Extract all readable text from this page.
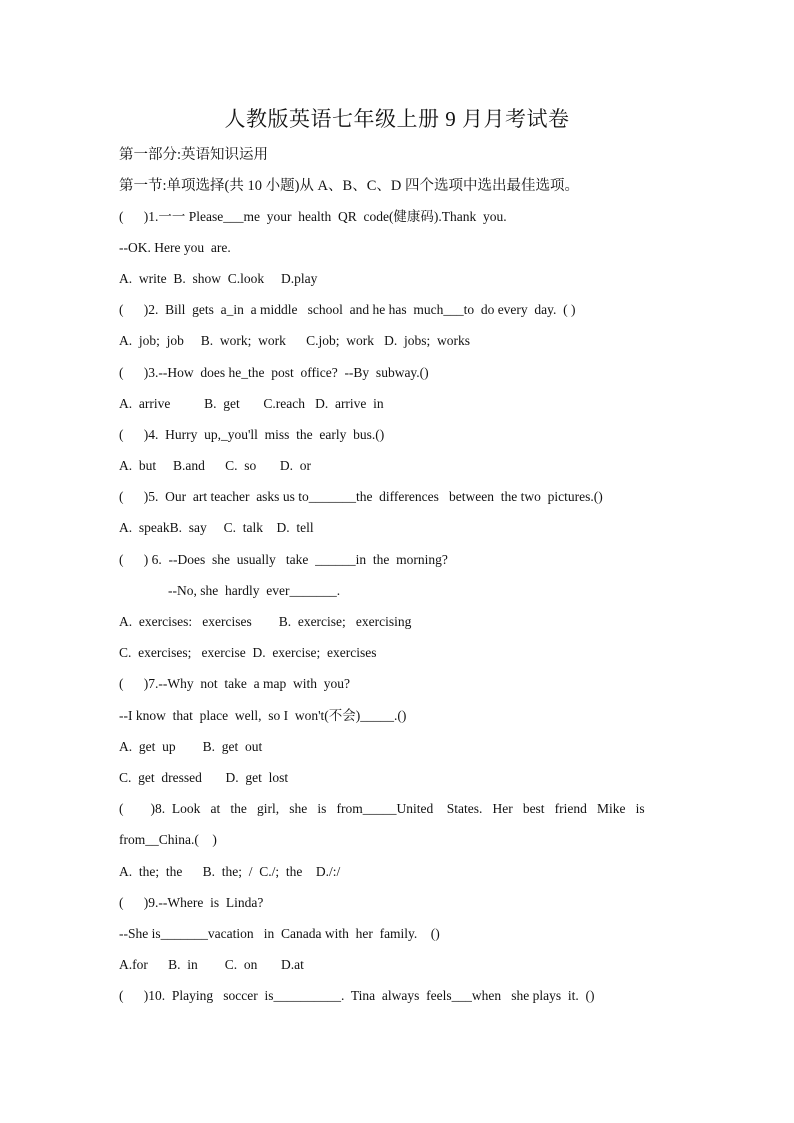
人教版英语七年级上册 9 月月考试卷
第一部分:英语知识运用
第一节:单项选择(共 10 小题)从 A、B、C、D 四个选项中选出最佳选项。
(      )1.一一 Please___me  your  health  QR  code(健康码).Thank  you.
--OK. Here you  are.
A.  write  B.  show  C.look     D.play
(      )2.  Bill  gets  a_in  a middle   school  and he has  much___to  do every  day.  ( )
A.  job;  job     B.  work;  work      C.job;  work   D.  jobs;  works
(      )3.--How  does he_the  post  office?  --By  subway.()
A.  arrive          B.  get       C.reach   D.  arrive  in
(      )4.  Hurry  up,_you'll  miss  the  early  bus.()
A.  but     B.and      C.  so       D.  or
(      )5.  Our  art teacher  asks us to_______the  differences   between  the two  pictures.()
A.  speakB.  say     C.  talk    D.  tell
(      ) 6.  --Does  she  usually   take  ______in  the  morning?
--No, she  hardly  ever_______.
A.  exercises:   exercises        B.  exercise;   exercising
C.  exercises;   exercise  D.  exercise;  exercises
(      )7.--Why  not  take  a map  with  you?
--I know  that  place  well,  so I  won't(不会)_____.()
A.  get  up        B.  get  out
C.  get  dressed       D.  get  lost
(        )8.  Look   at   the   girl,   she   is   from_____United    States.   Her   best   friend   Mike   is
from__China.(    )
A.  the;  the      B.  the;  /  C./;  the    D./:/
(      )9.--Where  is  Linda?
--She is_______vacation   in  Canada with  her  family.    ()
A.for      B.  in        C.  on       D.at
(      )10.  Playing   soccer  is__________.  Tina  always  feels___when   she plays  it.  ()
